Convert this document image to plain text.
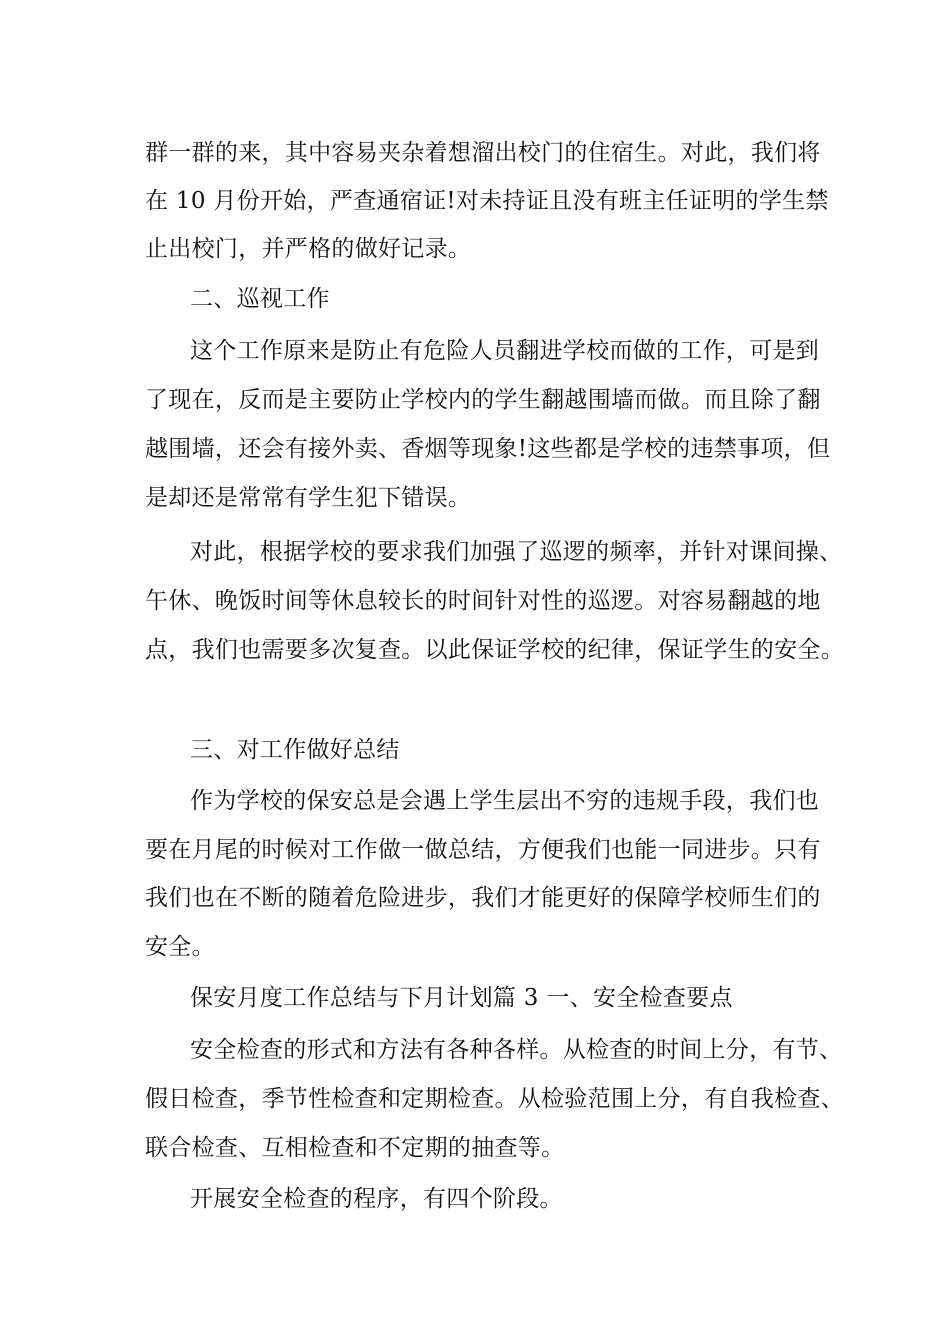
群一群的来，其中容易夹杂着想溜出校门的住宿生。对此，我们将
在 10 月份开始，严查通宿证!对未持证且没有班主任证明的学生禁
止出校门，并严格的做好记录。
二、巡视工作
这个工作原来是防止有危险人员翻进学校而做的工作，可是到
了现在，反而是主要防止学校内的学生翻越围墙而做。而且除了翻
越围墙，还会有接外卖、香烟等现象!这些都是学校的违禁事项，但
是却还是常常有学生犯下错误。
对此，根据学校的要求我们加强了巡逻的频率，并针对课间操、
午休、晚饭时间等休息较长的时间针对性的巡逻。对容易翻越的地
点，我们也需要多次复查。以此保证学校的纪律，保证学生的安全。
三、对工作做好总结
作为学校的保安总是会遇上学生层出不穷的违规手段，我们也
要在月尾的时候对工作做一做总结，方便我们也能一同进步。只有
我们也在不断的随着危险进步，我们才能更好的保障学校师生们的
安全。
保安月度工作总结与下月计划篇 3 一、安全检查要点
安全检查的形式和方法有各种各样。从检查的时间上分，有节、
假日检查，季节性检查和定期检查。从检验范围上分，有自我检查、
联合检查、互相检查和不定期的抽查等。
开展安全检查的程序，有四个阶段。
